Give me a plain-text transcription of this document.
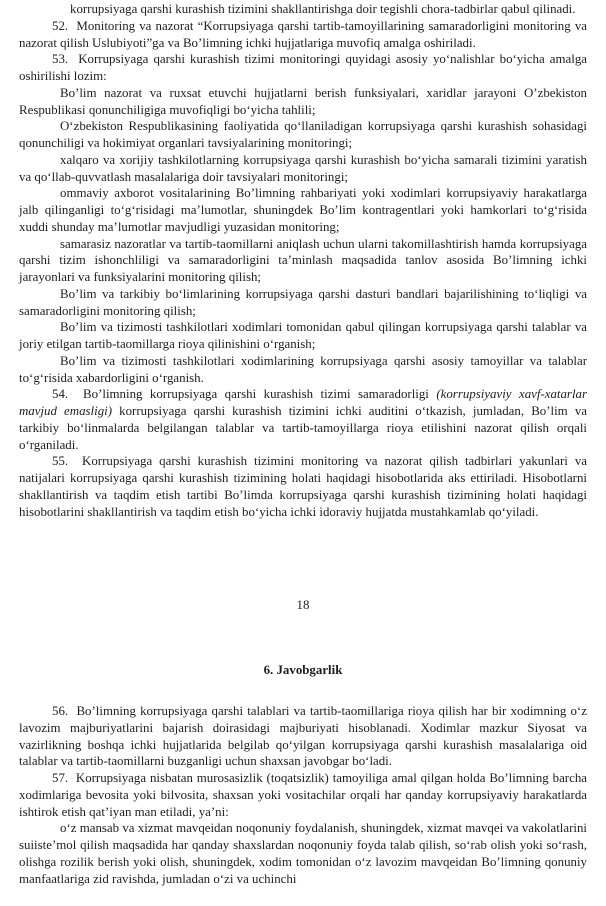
korrupsiyaga qarshi kurashish tizimini shakllantirishga doir tegishli chora-tadbirlar qabul qilinadi.

52.  Monitoring va nazorat “Korrupsiyaga qarshi tartib-tamoyillarining samaradorligini monitoring va nazorat qilish Uslubiyoti”ga va Bo’limning ichki hujjatlariga muvofiq amalga oshiriladi.

53.  Korrupsiyaga qarshi kurashish tizimi monitoringi quyidagi asosiy yo‘nalishlar bo‘yicha amalga oshirilishi lozim:

Bo’lim nazorat va ruxsat etuvchi hujjatlarni berish funksiyalari, xaridlar jarayoni O’zbekiston Respublikasi qonunchiligiga muvofiqligi bo‘yicha tahlili;

O‘zbekiston Respublikasining faoliyatida qo‘llaniladigan korrupsiyaga qarshi kurashish sohasidagi qonunchiligi va hokimiyat organlari tavsiyalarining monitoringi;

xalqaro va xorijiy tashkilotlarning korrupsiyaga qarshi kurashish bo‘yicha samarali tizimini yaratish va qo‘llab-quvvatlash masalalariga doir tavsiyalari monitoringi;

ommaviy axborot vositalarining Bo’limning rahbariyati yoki xodimlari korrupsiyaviy harakatlarga jalb qilinganligi to‘g‘risidagi ma’lumotlar, shuningdek Bo’lim kontragentlari yoki hamkorlari to‘g‘risida xuddi shunday ma’lumotlar mavjudligi yuzasidan monitoring;

samarasiz nazoratlar va tartib-taomillarni aniqlash uchun ularni takomillashtirish hamda korrupsiyaga qarshi tizim ishonchliligi va samaradorligini ta’minlash maqsadida tanlov asosida Bo’limning ichki jarayonlari va funksiyalarini monitoring qilish;

Bo’lim va tarkibiy bo‘limlarining korrupsiyaga qarshi dasturi bandlari bajarilishining to‘liqligi va samaradorligini monitoring qilish;

Bo’lim va tizimosti tashkilotlari xodimlari tomonidan qabul qilingan korrupsiyaga qarshi talablar va joriy etilgan tartib-taomillarga rioya qilinishini o‘rganish;

Bo’lim va tizimosti tashkilotlari xodimlarining korrupsiyaga qarshi asosiy tamoyillar va talablar to‘g‘risida xabardorligini o‘rganish.

54.  Bo’limning korrupsiyaga qarshi kurashish tizimi samaradorligi (korrupsiyaviy xavf-xatarlar mavjud emasligi) korrupsiyaga qarshi kurashish tizimini ichki auditini o‘tkazish, jumladan, Bo’lim va tarkibiy bo‘linmalarda belgilangan talablar va tartib-tamoyillarga rioya etilishini nazorat qilish orqali o‘rganiladi.

55.  Korrupsiyaga qarshi kurashish tizimini monitoring va nazorat qilish tadbirlari yakunlari va natijalari korrupsiyaga qarshi kurashish tizimining holati haqidagi hisobotlarida aks ettiriladi. Hisobotlarni shakllantirish va taqdim etish tartibi Bo’limda korrupsiyaga qarshi kurashish tizimining holati haqidagi hisobotlarini shakllantirish va taqdim etish bo‘yicha ichki idoraviy hujjatda mustahkamlab qo‘yiladi.

18
6. Javobgarlik

56.  Bo’limning korrupsiyaga qarshi talablari va tartib-taomillariga rioya qilish har bir xodimning o‘z lavozim majburiyatlarini bajarish doirasidagi majburiyati hisoblanadi. Xodimlar mazkur Siyosat va vazirlikning boshqa ichki hujjatlarida belgilab qo‘yilgan korrupsiyaga qarshi kurashish masalalariga oid talablar va tartib-taomillarni buzganligi uchun shaxsan javobgar bo‘ladi.

57.  Korrupsiyaga nisbatan murosasizlik (toqatsizlik) tamoyiliga amal qilgan holda Bo’limning barcha xodimlariga bevosita yoki bilvosita, shaxsan yoki vositachilar orqali har qanday korrupsiyaviy harakatlarda ishtirok etish qat’iyan man etiladi, ya’ni:

o‘z mansab va xizmat mavqeidan noqonuniy foydalanish, shuningdek, xizmat mavqei va vakolatlarini suiiste’mol qilish maqsadida har qanday shaxslardan noqonuniy foyda talab qilish, so‘rab olish yoki so‘rash, olishga rozilik berish yoki olish, shuningdek, xodim tomonidan o‘z lavozim mavqeidan Bo’limning qonuniy manfaatlariga zid ravishda, jumladan o‘zi va uchinchi
